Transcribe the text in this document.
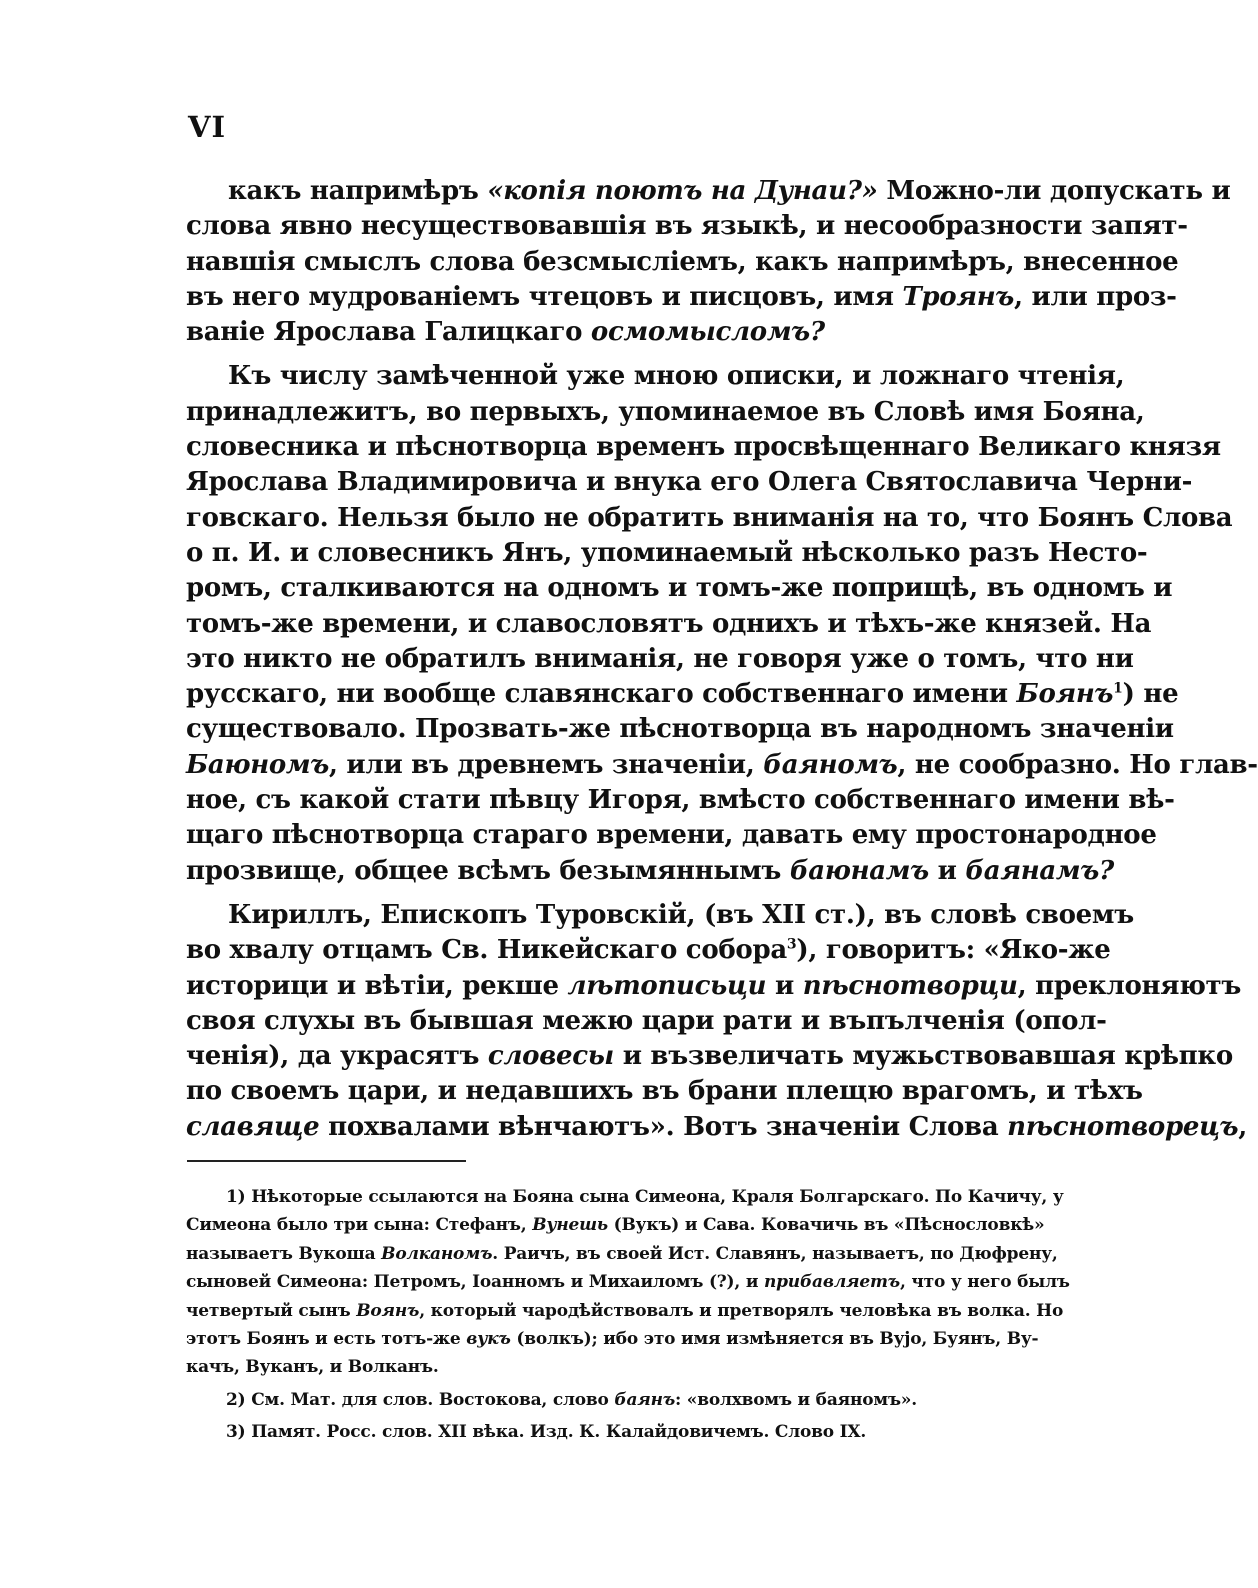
VI
какъ напримѣръ «копія поютъ на Дунаи?» Можно-ли допускать и
слова явно несуществовавшія въ языкѣ, и несообразности запят-
навшія смыслъ слова безсмысліемъ, какъ напримѣръ, внесенное
въ него мудрованіемъ чтецовъ и писцовъ, имя Троянъ, или проз-
ваніе Ярослава Галицкаго осмомысломъ?
Къ числу замѣченной уже мною описки, и ложнаго чтенія,
принадлежитъ, во первыхъ, упоминаемое въ Словѣ имя Бояна,
словесника и пѣснотворца временъ просвѣщеннаго Великаго князя
Ярослава Владимировича и внука его Олега Святославича Черни-
говскаго. Нельзя было не обратить вниманія на то, что Боянъ Слова
о п. И. и словесникъ Янъ, упоминаемый нѣсколько разъ Несто-
ромъ, сталкиваются на одномъ и томъ-же поприщѣ, въ одномъ и
томъ-же времени, и славословятъ однихъ и тѣхъ-же князей. На
это никто не обратилъ вниманія, не говоря уже о томъ, что ни
русскаго, ни вообще славянскаго собственнаго имени Боянъ$^1$) не
существовало. Прозвать-же пѣснотворца въ народномъ значеніи
Баюномъ, или въ древнемъ значеніи, баяномъ, не сообразно. Но глав-
ное, съ какой стати пѣвцу Игоря, вмѣсто собственнаго имени вѣ-
щаго пѣснотворца стараго времени, давать ему простонародное
прозвище, общее всѣмъ безымяннымъ баюнамъ и баянамъ?
Кириллъ, Епископъ Туровскій, (въ XII ст.), въ словѣ своемъ
во хвалу отцамъ Св. Никейскаго собора$^3$), говоритъ: «Яко-же
историци и вѣтіи, рекше лѣтописьци и пѣснотворци, преклоняютъ
своя слухы въ бывшая межю цари рати и въпълченія (опол-
ченія), да украсятъ словесы и възвеличать мужьствовавшая крѣпко
по своемъ цари, и недавшихъ въ брани плещю врагомъ, и тѣхъ
славяще похвалами вѣнчаютъ». Вотъ значеніи Слова пѣснотворецъ,
1) Нѣкоторые ссылаются на Бояна сына Симеона, Краля Болгарскаго. По Качичу, у
Симеона было три сына: Стефанъ, Вунешь (Вукъ) и Сава. Ковачичь въ «Пѣснословкѣ»
называетъ Вукоша Волканомъ. Раичъ, въ своей Ист. Славянъ, называетъ, по Дюфрену,
сыновей Симеона: Петромъ, Іоанномъ и Михаиломъ (?), и прибавляетъ, что у него былъ
четвертый сынъ Воянъ, который чародѣйствовалъ и претворялъ человѣка въ волка. Но
этотъ Боянъ и есть тотъ-же вукъ (волкъ); ибо это имя измѣняется въ Вујо, Буянъ, Ву-
качъ, Вуканъ, и Волканъ.
2) См. Мат. для слов. Востокова, слово баянъ: «волхвомъ и баяномъ».
3) Памят. Росс. слов. XII вѣка. Изд. К. Калайдовичемъ. Слово IX.
